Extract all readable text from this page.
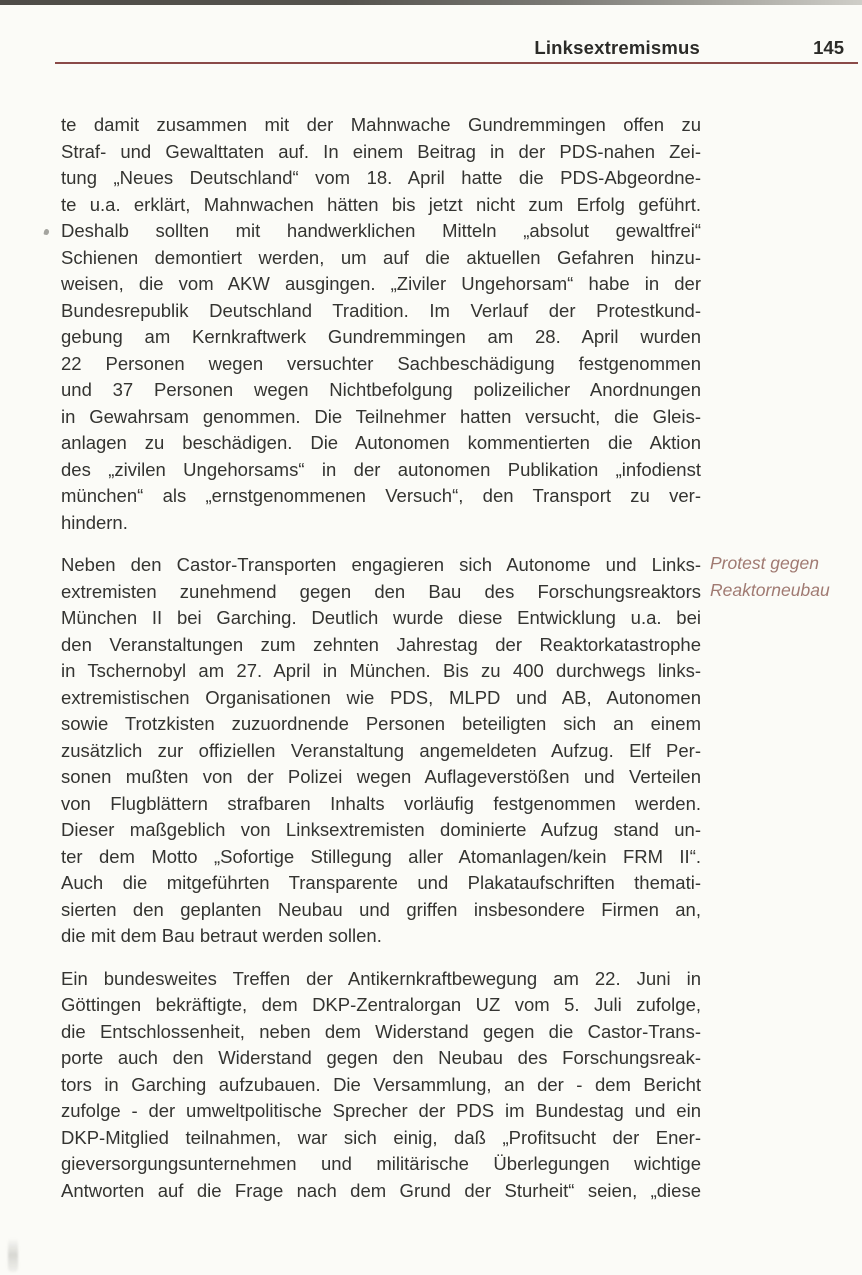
Linksextremismus	145
te damit zusammen mit der Mahnwache Gundremmingen offen zu
Straf- und Gewalttaten auf. In einem Beitrag in der PDS-nahen Zei-
tung „Neues Deutschland“ vom 18. April hatte die PDS-Abgeordne-
te u.a. erklärt, Mahnwachen hätten bis jetzt nicht zum Erfolg geführt.
Deshalb sollten mit handwerklichen Mitteln „absolut gewaltfrei“
Schienen demontiert werden, um auf die aktuellen Gefahren hinzu-
weisen, die vom AKW ausgingen. „Ziviler Ungehorsam“ habe in der
Bundesrepublik Deutschland Tradition. Im Verlauf der Protestkund-
gebung am Kernkraftwerk Gundremmingen am 28. April wurden
22 Personen wegen versuchter Sachbeschädigung festgenommen
und 37 Personen wegen Nichtbefolgung polizeilicher Anordnungen
in Gewahrsam genommen. Die Teilnehmer hatten versucht, die Gleis-
anlagen zu beschädigen. Die Autonomen kommentierten die Aktion
des „zivilen Ungehorsams“ in der autonomen Publikation „infodienst
münchen“ als „ernstgenommenen Versuch“, den Transport zu ver-
hindern.
Neben den Castor-Transporten engagieren sich Autonome und Links-
extremisten zunehmend gegen den Bau des Forschungsreaktors
München II bei Garching. Deutlich wurde diese Entwicklung u.a. bei
den Veranstaltungen zum zehnten Jahrestag der Reaktorkatastrophe
in Tschernobyl am 27. April in München. Bis zu 400 durchwegs links-
extremistischen Organisationen wie PDS, MLPD und AB, Autonomen
sowie Trotzkisten zuzuordnende Personen beteiligten sich an einem
zusätzlich zur offiziellen Veranstaltung angemeldeten Aufzug. Elf Per-
sonen mußten von der Polizei wegen Auflageverstößen und Verteilen
von Flugblättern strafbaren Inhalts vorläufig festgenommen werden.
Dieser maßgeblich von Linksextremisten dominierte Aufzug stand un-
ter dem Motto „Sofortige Stillegung aller Atomanlagen/kein FRM II“.
Auch die mitgeführten Transparente und Plakataufschriften themati-
sierten den geplanten Neubau und griffen insbesondere Firmen an,
die mit dem Bau betraut werden sollen.
Ein bundesweites Treffen der Antikernkraftbewegung am 22. Juni in
Göttingen bekräftigte, dem DKP-Zentralorgan UZ vom 5. Juli zufolge,
die Entschlossenheit, neben dem Widerstand gegen die Castor-Trans-
porte auch den Widerstand gegen den Neubau des Forschungsreak-
tors in Garching aufzubauen. Die Versammlung, an der - dem Bericht
zufolge - der umweltpolitische Sprecher der PDS im Bundestag und ein
DKP-Mitglied teilnahmen, war sich einig, daß „Profitsucht der Ener-
gieversorgungsunternehmen und militärische Überlegungen wichtige
Antworten auf die Frage nach dem Grund der Sturheit“ seien, „diese
Protest gegen
Reaktorneubau
